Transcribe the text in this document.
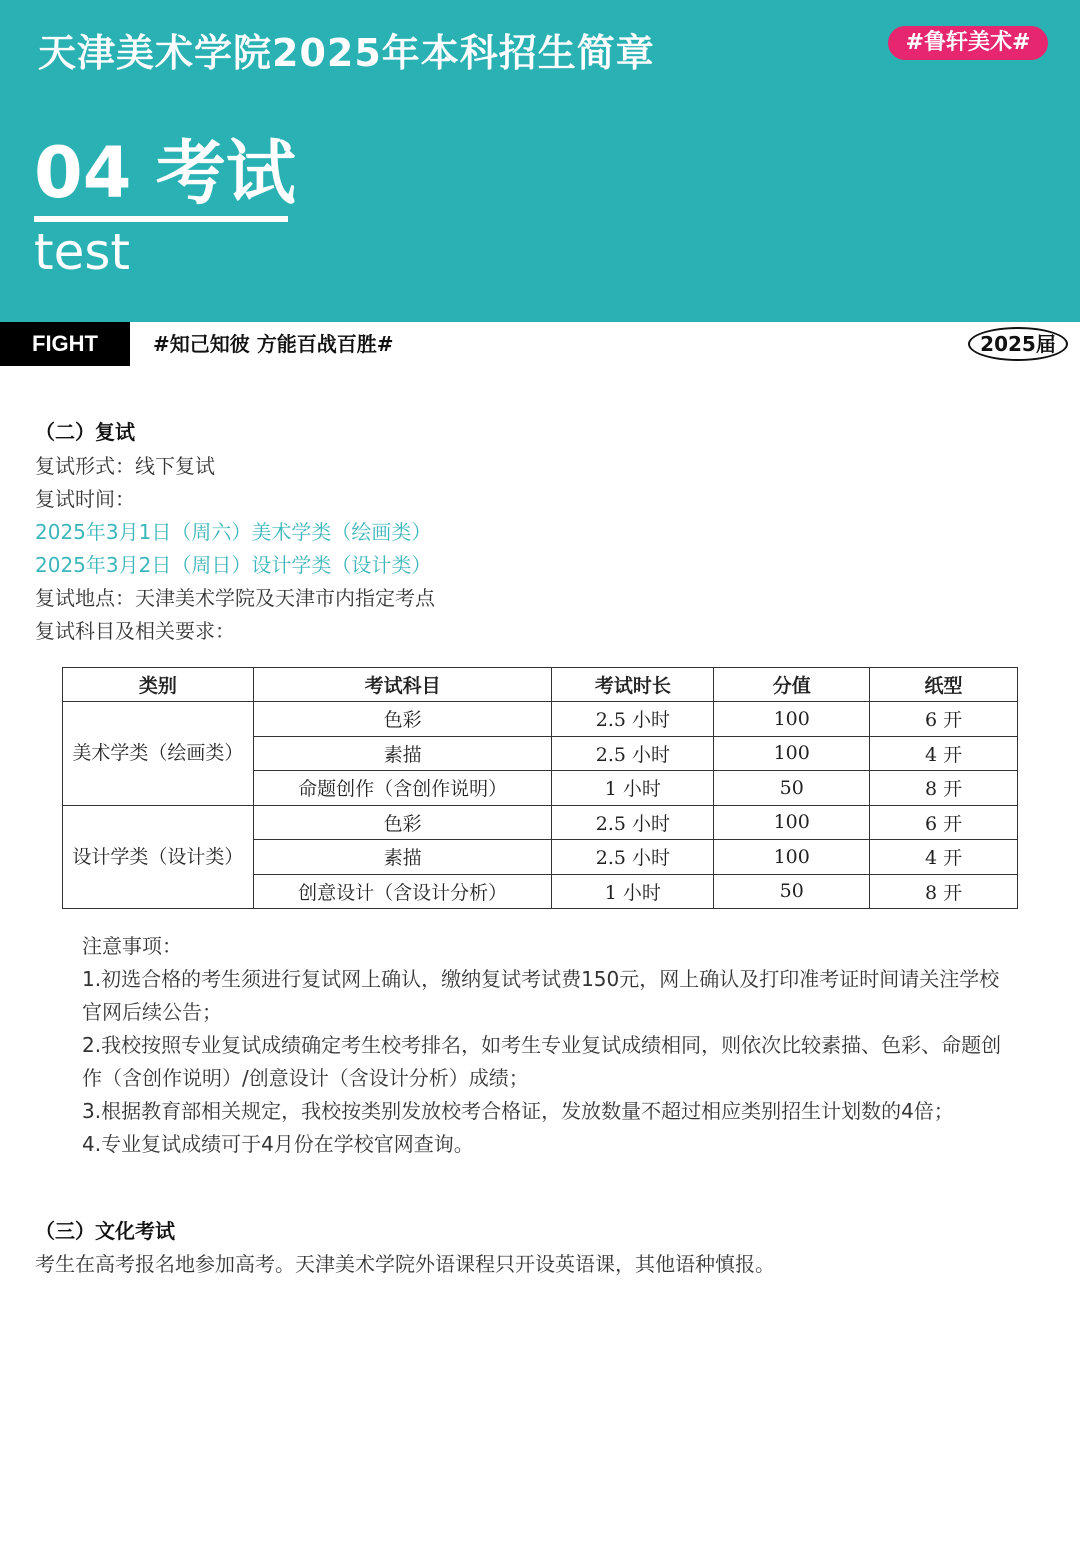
天津美术学院2025年本科招生简章	#鲁轩美术#
04 考试
test
FIGHT	#知己知彼 方能百战百胜#	2025届
（二）复试
复试形式：线下复试
复试时间：
2025年3月1日（周六）美术学类（绘画类）
2025年3月2日（周日）设计学类（设计类）
复试地点：天津美术学院及天津市内指定考点
复试科目及相关要求：
类别	考试科目	考试时长	分值	纸型
美术学类（绘画类）	色彩	2.5 小时	100	6 开
	素描	2.5 小时	100	4 开
	命题创作（含创作说明）	1 小时	50	8 开
设计学类（设计类）	色彩	2.5 小时	100	6 开
	素描	2.5 小时	100	4 开
	创意设计（含设计分析）	1 小时	50	8 开

注意事项：

1.初选合格的考生须进行复试网上确认，缴纳复试考试费150元，网上确认及打印准考证时间请关注学校官网后续公告；

2.我校按照专业复试成绩确定考生校考排名，如考生专业复试成绩相同，则依次比较素描、色彩、命题创作（含创作说明）/创意设计（含设计分析）成绩；

3.根据教育部相关规定，我校按类别发放校考合格证，发放数量不超过相应类别招生计划数的4倍；

4.专业复试成绩可于4月份在学校官网查询。

（三）文化考试
考生在高考报名地参加高考。天津美术学院外语课程只开设英语课，其他语种慎报。
